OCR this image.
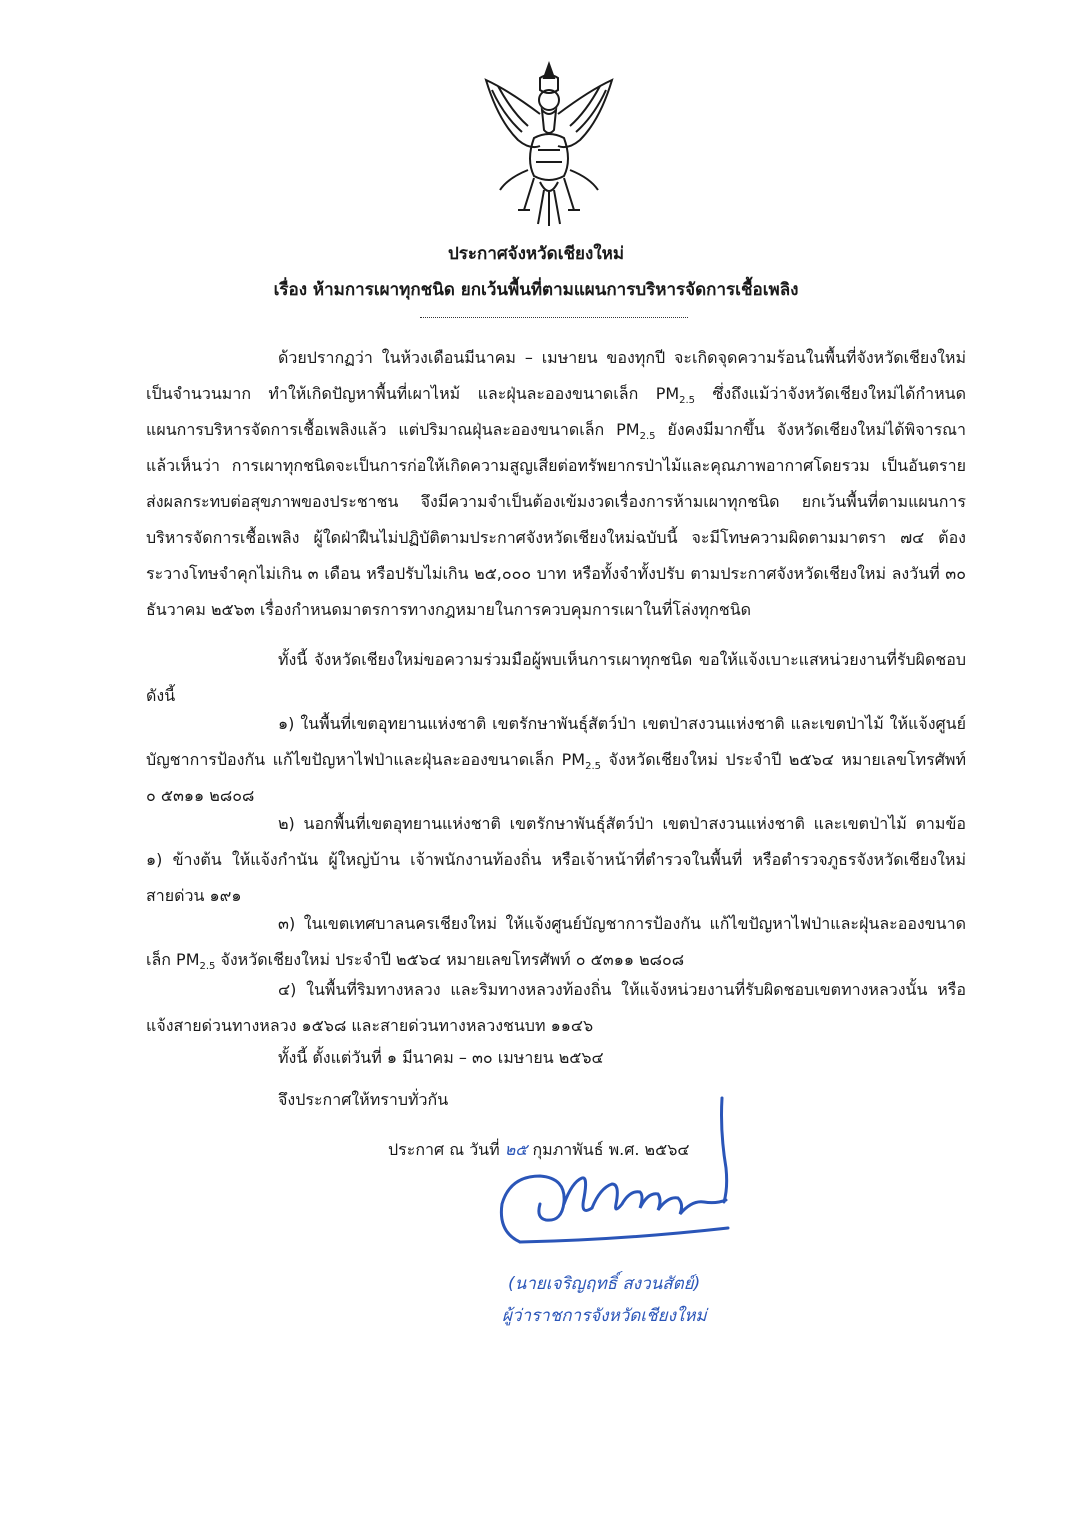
ประกาศจังหวัดเชียงใหม่
เรื่อง ห้ามการเผาทุกชนิด ยกเว้นพื้นที่ตามแผนการบริหารจัดการเชื้อเพลิง

ด้วยปรากฏว่า ในห้วงเดือนมีนาคม – เมษายน ของทุกปี จะเกิดจุดความร้อนในพื้นที่จังหวัดเชียงใหม่เป็นจำนวนมาก ทำให้เกิดปัญหาพื้นที่เผาไหม้ และฝุ่นละอองขนาดเล็ก $PM_{2.5}$ ซึ่งถึงแม้ว่าจังหวัดเชียงใหม่ได้กำหนดแผนการบริหารจัดการเชื้อเพลิงแล้ว แต่ปริมาณฝุ่นละอองขนาดเล็ก $PM_{2.5}$ ยังคงมีมากขึ้น จังหวัดเชียงใหม่ได้พิจารณาแล้วเห็นว่า การเผาทุกชนิดจะเป็นการก่อให้เกิดความสูญเสียต่อทรัพยากรป่าไม้และคุณภาพอากาศโดยรวม เป็นอันตรายส่งผลกระทบต่อสุขภาพของประชาชน จึงมีความจำเป็นต้องเข้มงวดเรื่องการห้ามเผาทุกชนิด ยกเว้นพื้นที่ตามแผนการบริหารจัดการเชื้อเพลิง ผู้ใดฝ่าฝืนไม่ปฏิบัติตามประกาศจังหวัดเชียงใหม่ฉบับนี้ จะมีโทษความผิดตามมาตรา ๗๔ ต้องระวางโทษจำคุกไม่เกิน ๓ เดือน หรือปรับไม่เกิน ๒๕,๐๐๐ บาท หรือทั้งจำทั้งปรับ ตามประกาศจังหวัดเชียงใหม่ ลงวันที่ ๓๐ ธันวาคม ๒๕๖๓ เรื่องกำหนดมาตรการทางกฎหมายในการควบคุมการเผาในที่โล่งทุกชนิด

ทั้งนี้ จังหวัดเชียงใหม่ขอความร่วมมือผู้พบเห็นการเผาทุกชนิด ขอให้แจ้งเบาะแสหน่วยงานที่รับผิดชอบ ดังนี้

๑) ในพื้นที่เขตอุทยานแห่งชาติ เขตรักษาพันธุ์สัตว์ป่า เขตป่าสงวนแห่งชาติ และเขตป่าไม้ ให้แจ้งศูนย์บัญชาการป้องกัน แก้ไขปัญหาไฟป่าและฝุ่นละอองขนาดเล็ก $PM_{2.5}$ จังหวัดเชียงใหม่ ประจำปี ๒๕๖๔ หมายเลขโทรศัพท์ ๐ ๕๓๑๑ ๒๘๐๘

๒) นอกพื้นที่เขตอุทยานแห่งชาติ เขตรักษาพันธุ์สัตว์ป่า เขตป่าสงวนแห่งชาติ และเขตป่าไม้ ตามข้อ ๑) ข้างต้น ให้แจ้งกำนัน ผู้ใหญ่บ้าน เจ้าพนักงานท้องถิ่น หรือเจ้าหน้าที่ตำรวจในพื้นที่ หรือตำรวจภูธรจังหวัดเชียงใหม่ สายด่วน ๑๙๑

๓) ในเขตเทศบาลนครเชียงใหม่ ให้แจ้งศูนย์บัญชาการป้องกัน แก้ไขปัญหาไฟป่าและฝุ่นละอองขนาดเล็ก $PM_{2.5}$ จังหวัดเชียงใหม่ ประจำปี ๒๕๖๔ หมายเลขโทรศัพท์ ๐ ๕๓๑๑ ๒๘๐๘

๔) ในพื้นที่ริมทางหลวง และริมทางหลวงท้องถิ่น ให้แจ้งหน่วยงานที่รับผิดชอบเขตทางหลวงนั้น หรือแจ้งสายด่วนทางหลวง ๑๕๖๘ และสายด่วนทางหลวงชนบท ๑๑๔๖

ทั้งนี้ ตั้งแต่วันที่ ๑ มีนาคม – ๓๐ เมษายน ๒๕๖๔

จึงประกาศให้ทราบทั่วกัน

ประกาศ ณ วันที่ ๒๕ กุมภาพันธ์ พ.ศ. ๒๕๖๔
(นายเจริญฤทธิ์ สงวนสัตย์)
ผู้ว่าราชการจังหวัดเชียงใหม่
